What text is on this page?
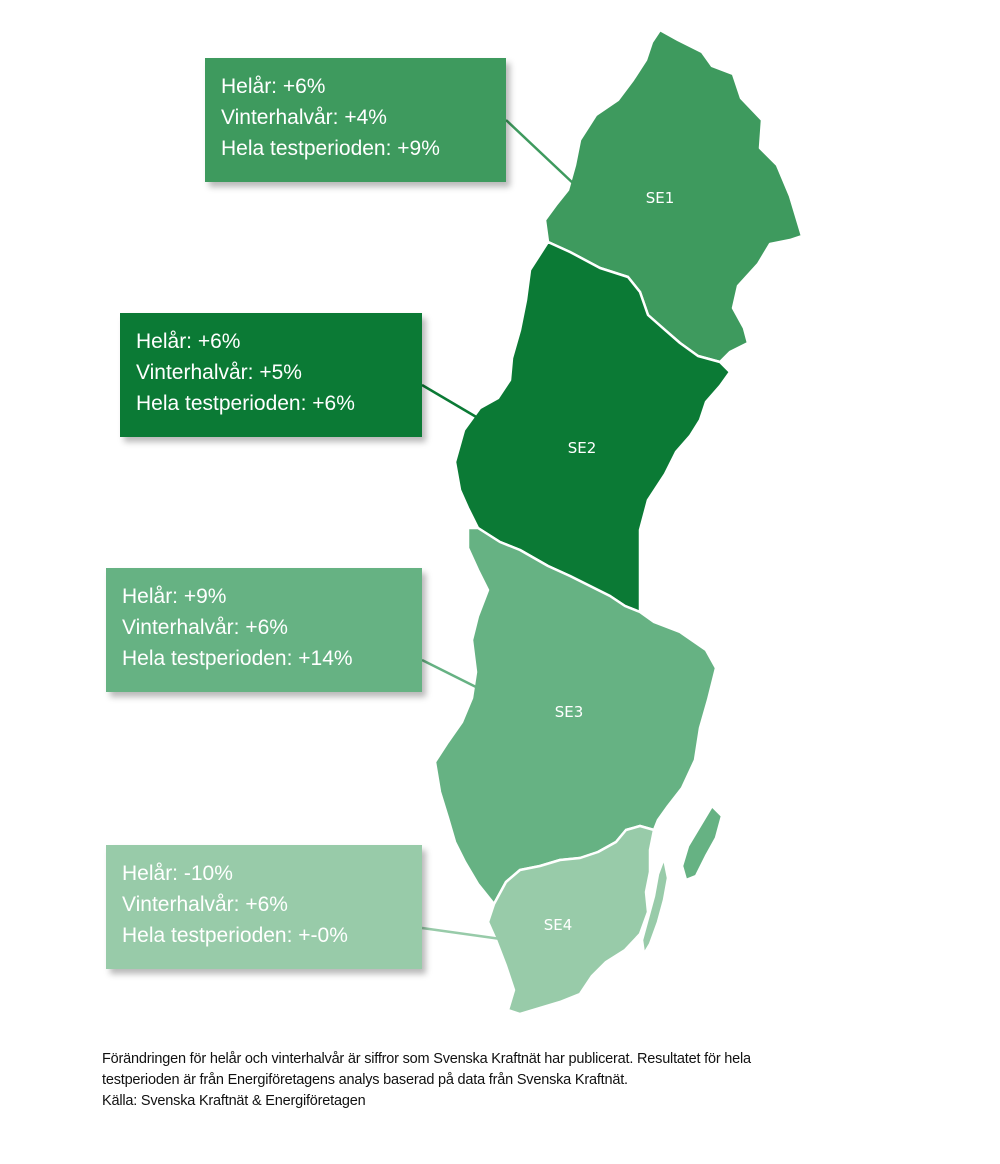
SE1
SE2
SE3
SE4
Helår: +6%
Vinterhalvår: +4%
Hela testperioden: +9%
Helår: +6%
Vinterhalvår: +5%
Hela testperioden: +6%
Helår: +9%
Vinterhalvår: +6%
Hela testperioden: +14%
Helår: -10%
Vinterhalvår: +6%
Hela testperioden: +-0%
Förändringen för helår och vinterhalvår är siffror som Svenska Kraftnät har publicerat. Resultatet för hela
testperioden är från Energiföretagens analys baserad på data från Svenska Kraftnät.
Källa: Svenska Kraftnät & Energiföretagen
